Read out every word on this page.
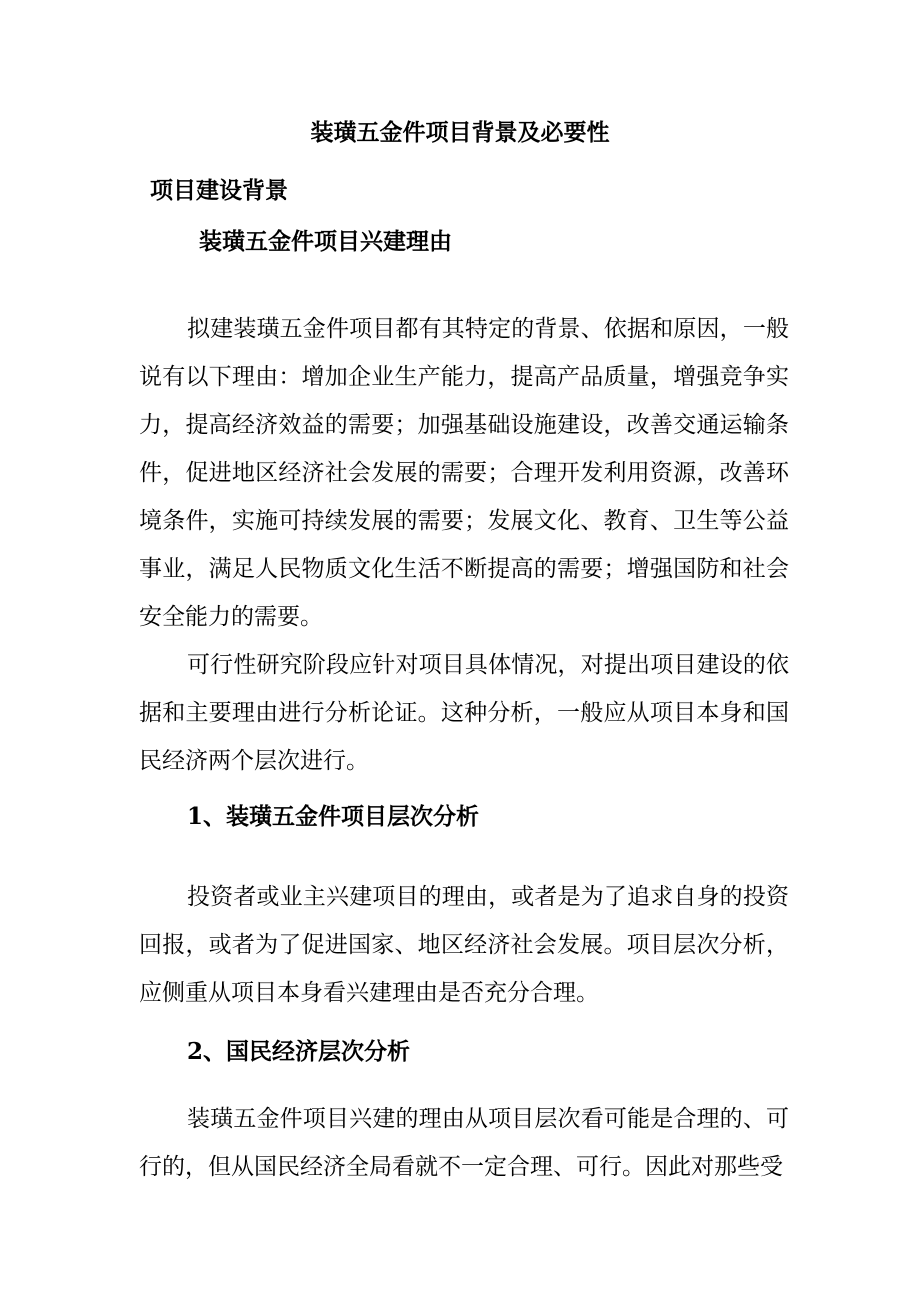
装璜五金件项目背景及必要性
项目建设背景
装璜五金件项目兴建理由

拟建装璜五金件项目都有其特定的背景、依据和原因，一般说有以下理由：增加企业生产能力，提高产品质量，增强竞争实力，提高经济效益的需要；加强基础设施建设，改善交通运输条件，促进地区经济社会发展的需要；合理开发利用资源，改善环境条件，实施可持续发展的需要；发展文化、教育、卫生等公益事业，满足人民物质文化生活不断提高的需要；增强国防和社会安全能力的需要。

可行性研究阶段应针对项目具体情况，对提出项目建设的依据和主要理由进行分析论证。这种分析，一般应从项目本身和国民经济两个层次进行。

1、装璜五金件项目层次分析

投资者或业主兴建项目的理由，或者是为了追求自身的投资回报，或者为了促进国家、地区经济社会发展。项目层次分析，应侧重从项目本身看兴建理由是否充分合理。

2、国民经济层次分析

装璜五金件项目兴建的理由从项目层次看可能是合理的、可行的，但从国民经济全局看就不一定合理、可行。因此对那些受
